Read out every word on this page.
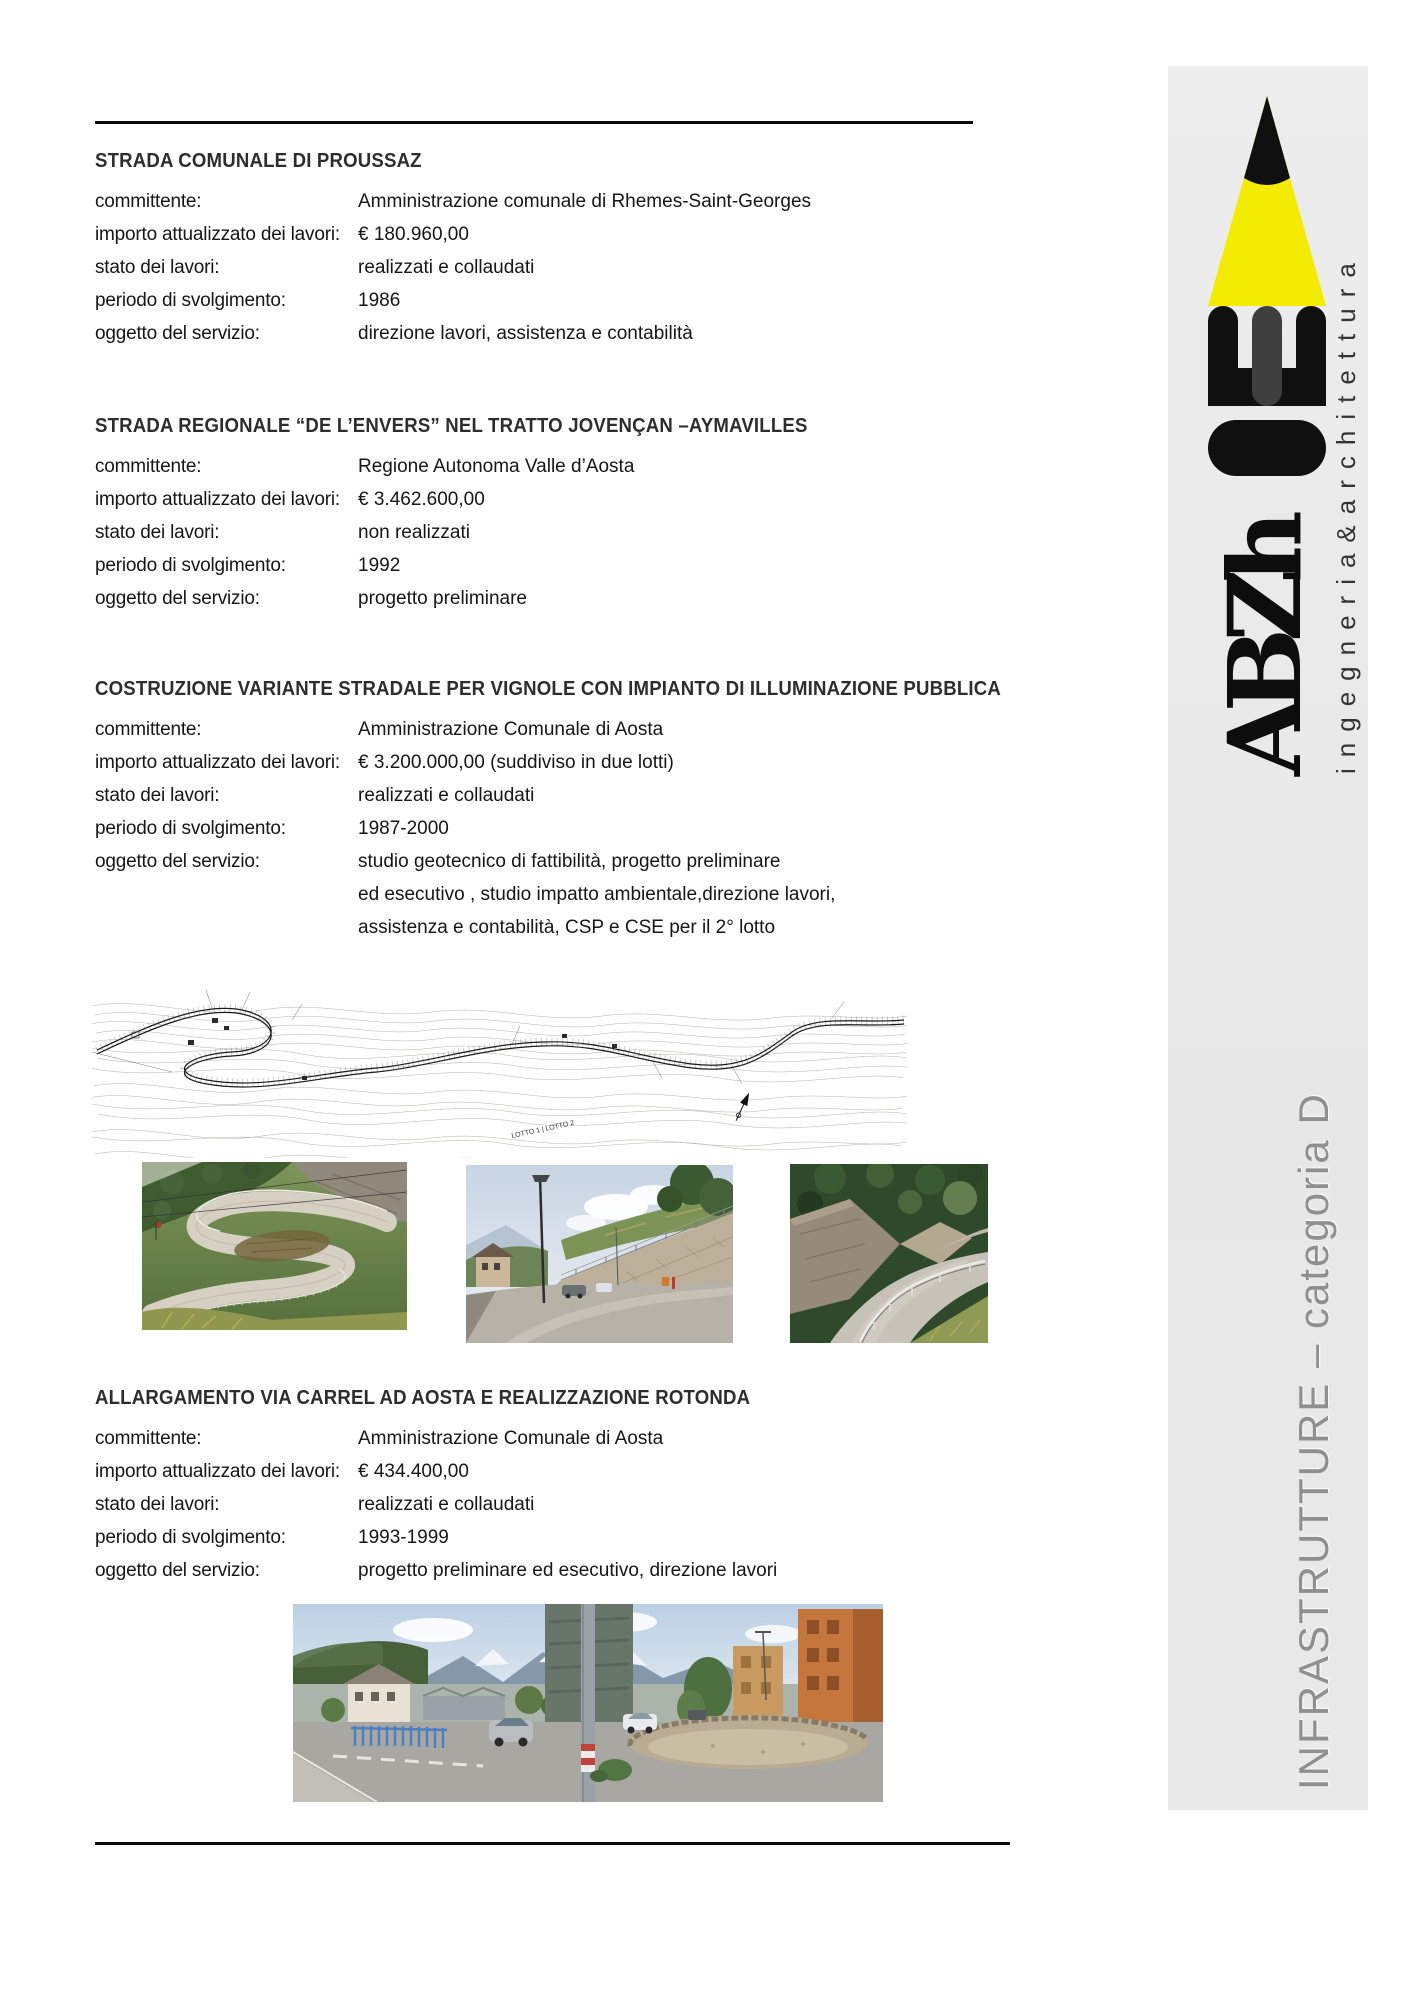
STRADA COMUNALE DI PROUSSAZ
committente:	Amministrazione comunale di Rhemes-Saint-Georges
importo attualizzato dei lavori: € 180.960,00
stato dei lavori:	realizzati e collaudati
periodo di svolgimento:	1986
oggetto del servizio:	direzione lavori, assistenza e contabilità
STRADA REGIONALE “DE L’ENVERS” NEL TRATTO JOVENÇAN –AYMAVILLES
committente:	Regione Autonoma Valle d’Aosta
importo attualizzato dei lavori: € 3.462.600,00
stato dei lavori:	non realizzati
periodo di svolgimento:	1992
oggetto del servizio:	progetto preliminare
COSTRUZIONE VARIANTE STRADALE PER VIGNOLE CON IMPIANTO DI ILLUMINAZIONE PUBBLICA
committente:	Amministrazione Comunale di Aosta
importo attualizzato dei lavori: € 3.200.000,00 (suddiviso in due lotti)
stato dei lavori:	realizzati e collaudati
periodo di svolgimento:	1987-2000
oggetto del servizio:	studio geotecnico di fattibilità, progetto preliminare
ed esecutivo , studio impatto ambientale,direzione lavori,
assistenza e contabilità, CSP e CSE per il 2° lotto
ALLARGAMENTO VIA CARREL AD AOSTA E REALIZZAZIONE ROTONDA
committente:	Amministrazione Comunale di Aosta
importo attualizzato dei lavori: € 434.400,00
stato dei lavori:	realizzati e collaudati
periodo di svolgimento:	1993-1999
oggetto del servizio:	progetto preliminare ed esecutivo, direzione lavori
LOTTO 1 | LOTTO 2	INFRASTRUTTURE – categoria D
ABZh ingegneria&architettura
